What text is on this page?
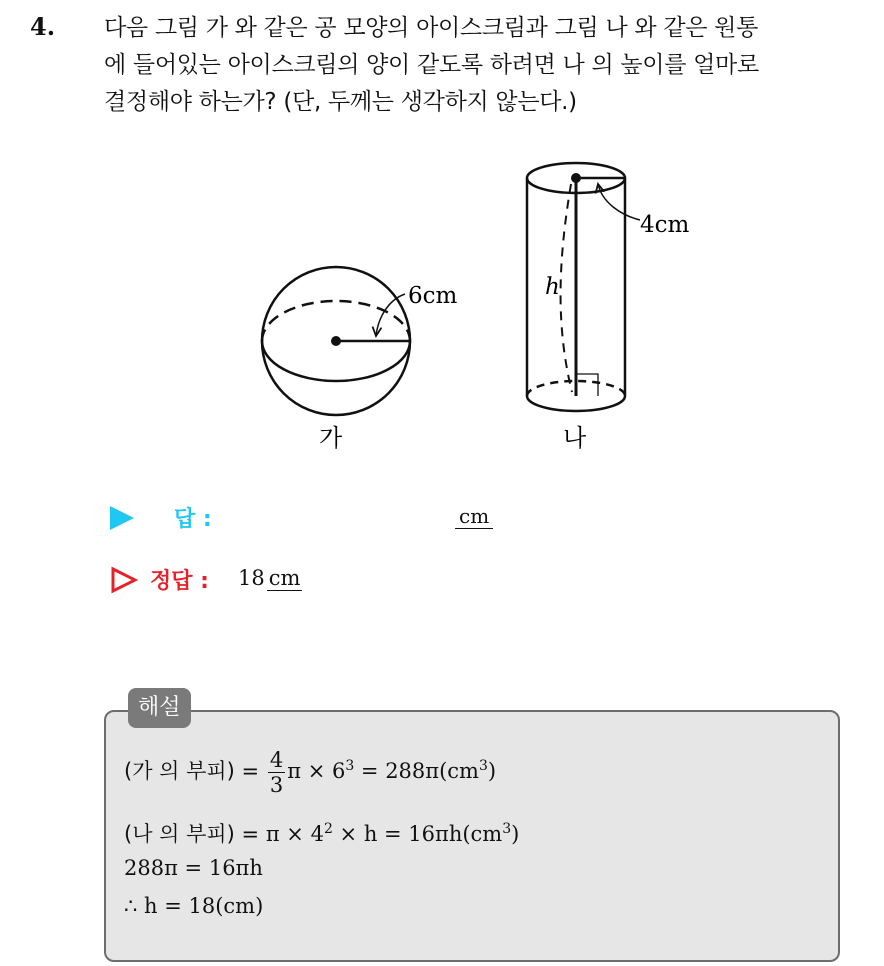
4. 다음 그림 가 와 같은 공 모양의 아이스크림과 그림 나 와 같은 원통
에 들어있는 아이스크림의 양이 같도록 하려면 나 의 높이를 얼마로
결정해야 하는가? (단, 두께는 생각하지 않는다.)
6cm
가
4cm
h
나
답 :	cm
정답 : 18 cm
해설
(가 의 부피) = $\frac{4}{3}$ $\pi \times 6^3 = 288\pi(cm^3)$
(나 의 부피) = $\pi \times 4^2 \times h = 16\pi h(cm^3)$
288π = 16πh
∴ h = 18(cm)
